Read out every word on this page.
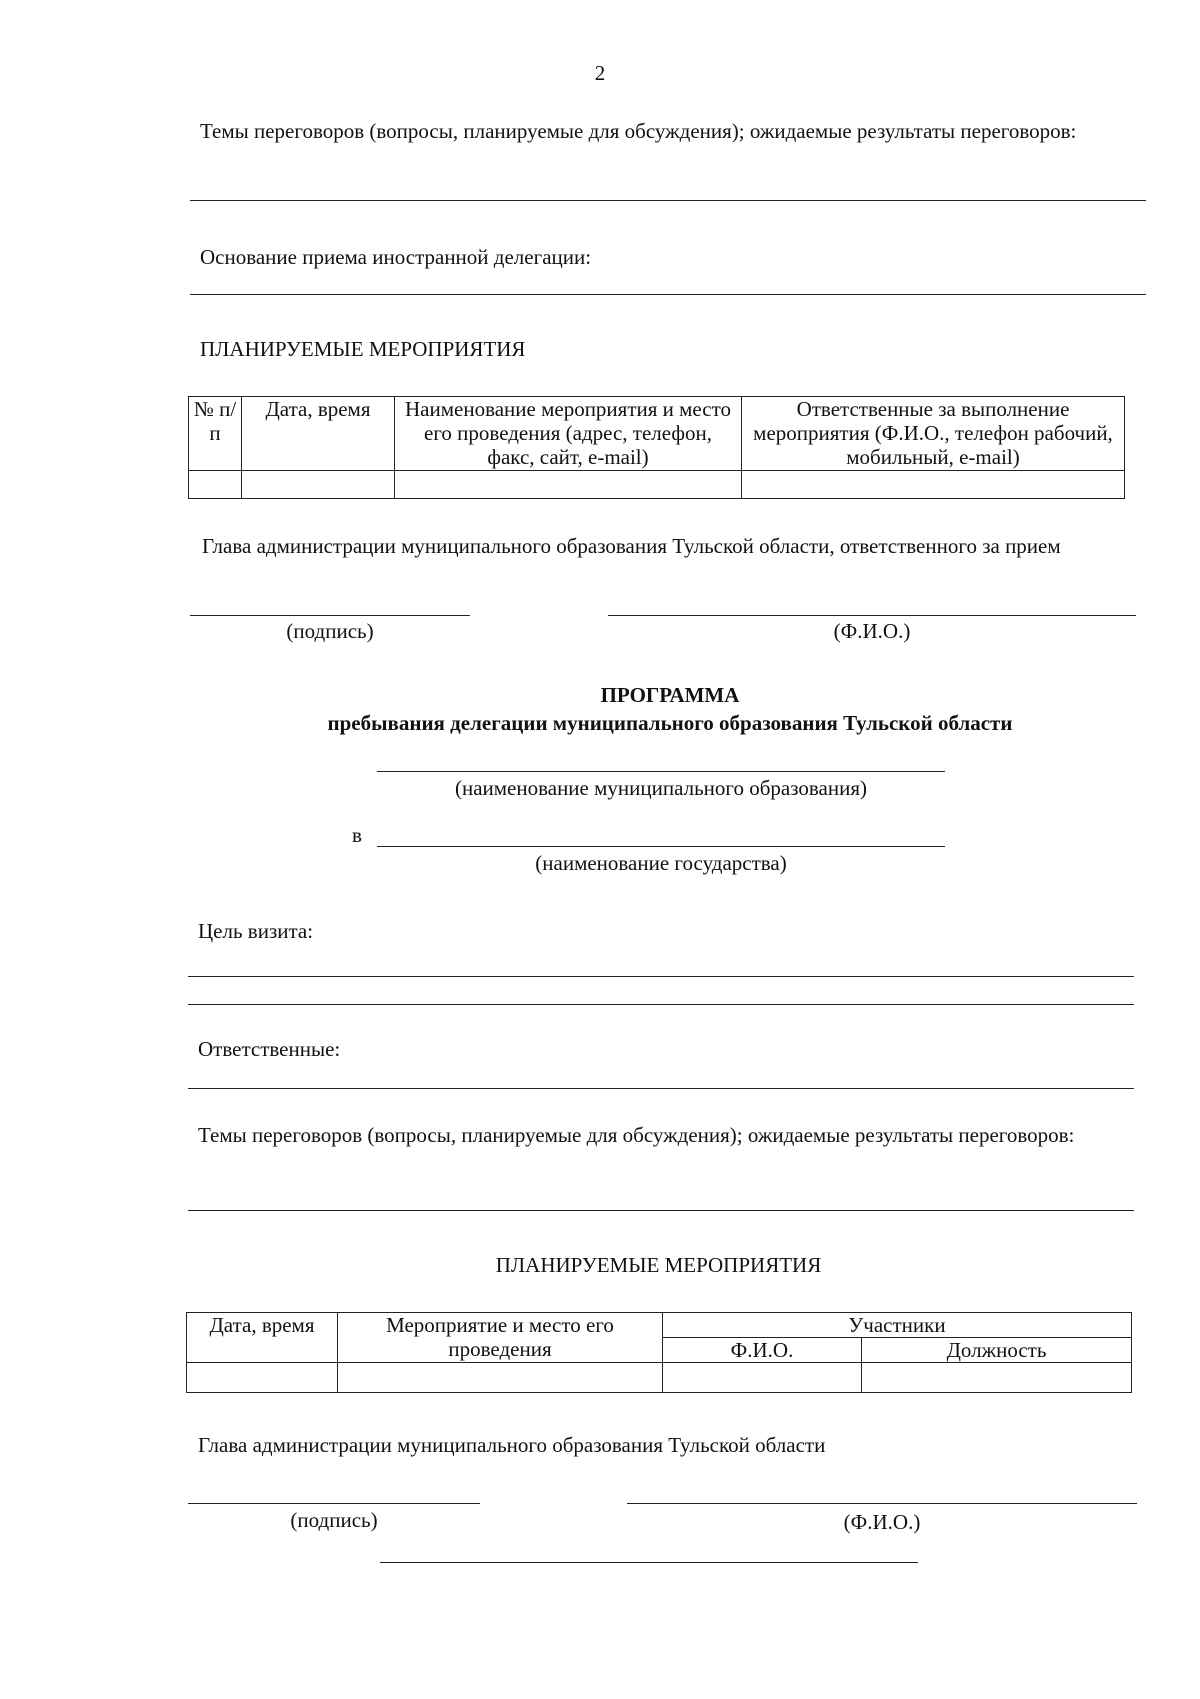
2
Темы переговоров (вопросы, планируемые для обсуждения); ожидаемые результаты переговоров:
Основание приема иностранной делегации:
ПЛАНИРУЕМЫЕ МЕРОПРИЯТИЯ
№ п/п	Дата, время	Наименование мероприятия и место его проведения (адрес, телефон, факс, сайт, e-mail)	Ответственные за выполнение мероприятия (Ф.И.О., телефон рабочий, мобильный, e-mail)

Глава администрации муниципального образования Тульской области, ответственного за прием
(подпись)	(Ф.И.О.)
ПРОГРАММА
пребывания делегации муниципального образования Тульской области
(наименование муниципального образования)
в
(наименование государства)
Цель визита:
Ответственные:
Темы переговоров (вопросы, планируемые для обсуждения); ожидаемые результаты переговоров:
ПЛАНИРУЕМЫЕ МЕРОПРИЯТИЯ
Дата, время	Мероприятие и место его проведения	Участники	
		Ф.И.О.	Должность

Глава администрации муниципального образования Тульской области
(подпись)	(Ф.И.О.)
